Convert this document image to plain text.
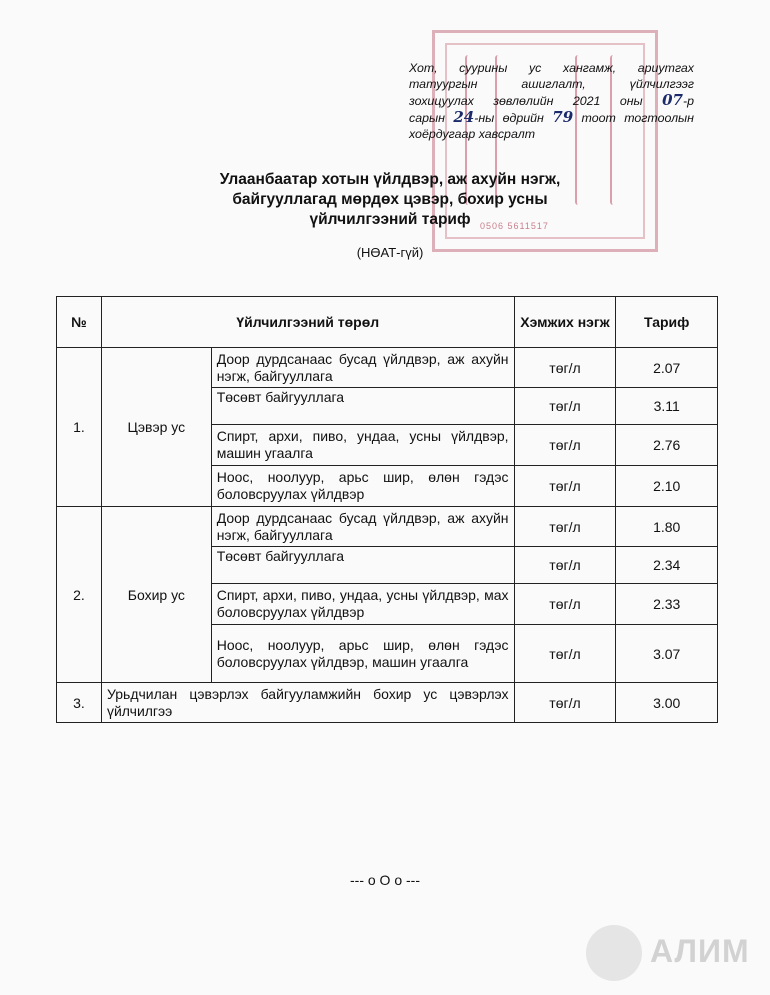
0506 5611517
Хот, суурины ус хангамж, ариутгах
татуургын ашиглалт, үйлчилгээг
зохицуулах зөвлөлийн 2021 оны 07-р
сарын 24-ны өдрийн 79 тоот тогтоолын
хоёрдугаар хавсралт
Улаанбаатар хотын үйлдвэр, аж ахуйн нэгж,
байгууллагад мөрдөх цэвэр, бохир усны
үйлчилгээний тариф
(НӨАТ-гүй)
№	Үйлчилгээний төрөл		Хэмжих нэгж	Тариф
1.	Цэвэр ус	Доор дурдсанаас бусад үйлдвэр, аж ахуйн нэгж, байгууллага	төг/л	2.07
		Төсөвт байгууллага	төг/л	3.11
		Спирт, архи, пиво, ундаа, усны үйлдвэр, машин угаалга	төг/л	2.76
		Ноос, ноолуур, арьс шир, өлөн гэдэс боловсруулах үйлдвэр	төг/л	2.10
2.	Бохир ус	Доор дурдсанаас бусад үйлдвэр, аж ахуйн нэгж, байгууллага	төг/л	1.80
		Төсөвт байгууллага	төг/л	2.34
		Спирт, архи, пиво, ундаа, усны үйлдвэр, мах боловсруулах үйлдвэр	төг/л	2.33
		Ноос, ноолуур, арьс шир, өлөн гэдэс боловсруулах үйлдвэр, машин угаалга	төг/л	3.07
3.	Урьдчилан цэвэрлэх байгууламжийн бохир ус цэвэрлэх үйлчилгээ		төг/л	3.00
--- o O o ---
АЛИМ
